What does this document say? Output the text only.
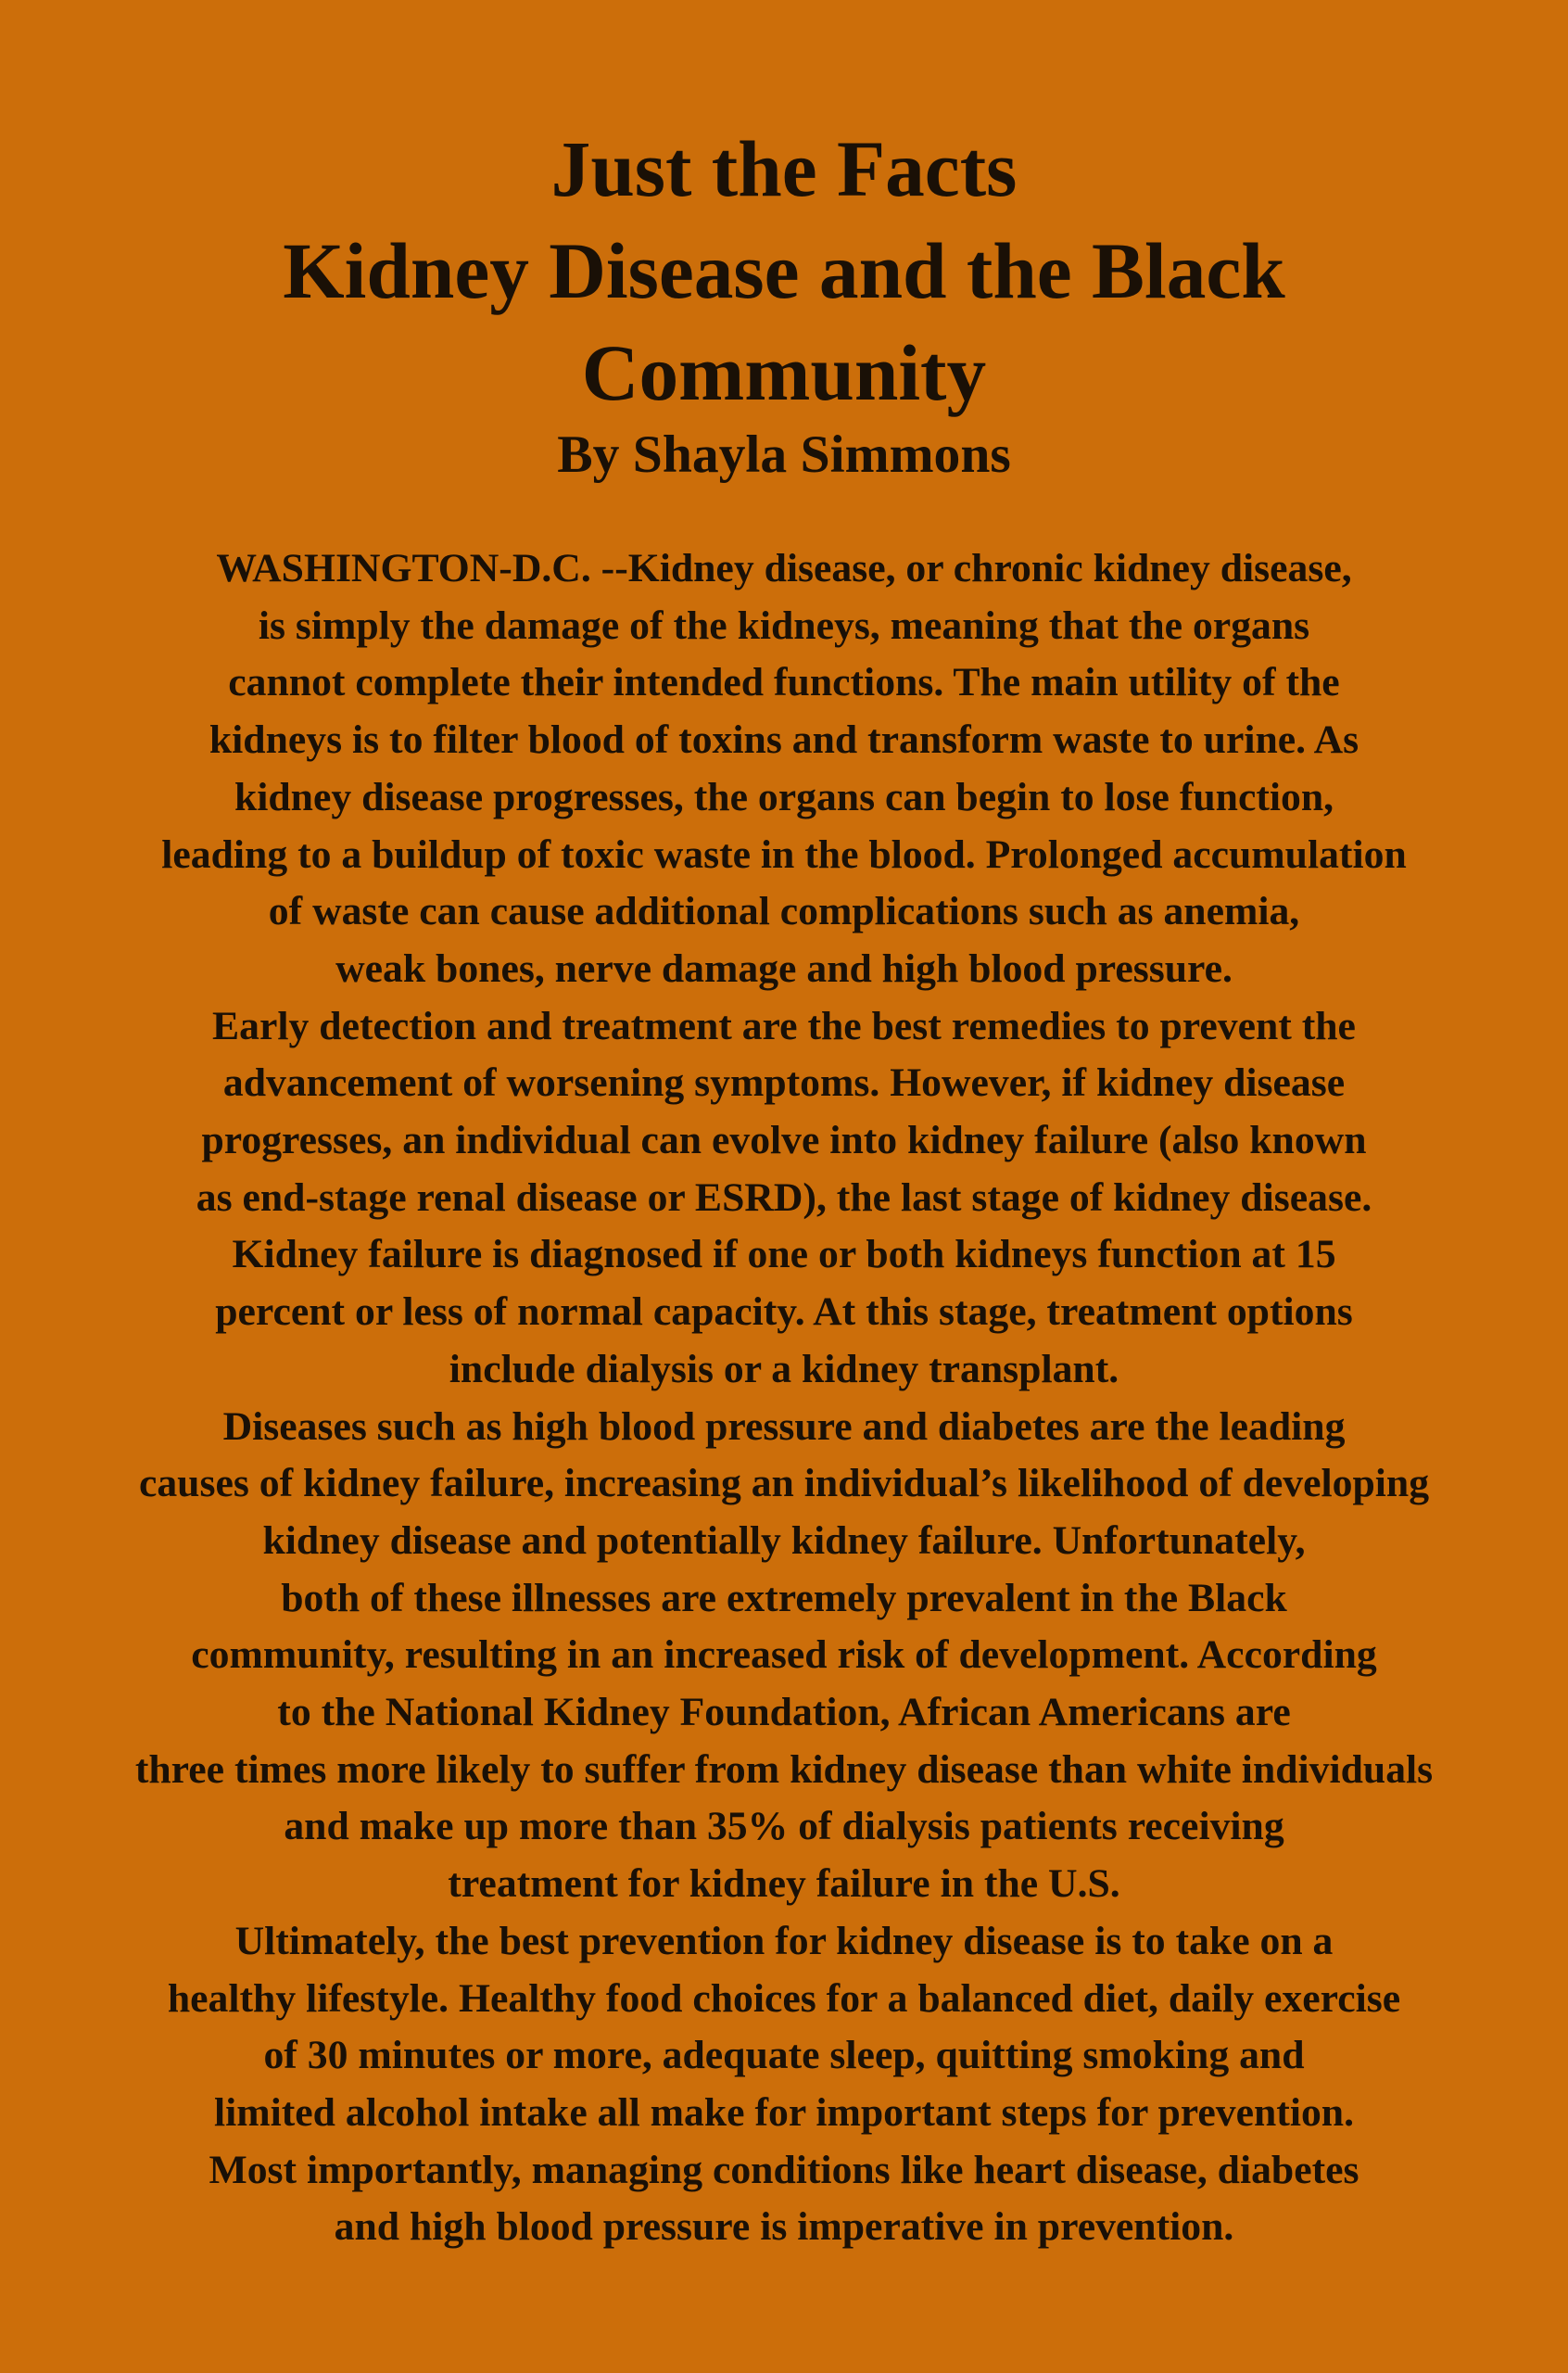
Just the Facts
Kidney Disease and the Black
Community
By Shayla Simmons
WASHINGTON-D.C. --Kidney disease, or chronic kidney disease,
is simply the damage of the kidneys, meaning that the organs
cannot complete their intended functions. The main utility of the
kidneys is to filter blood of toxins and transform waste to urine. As
kidney disease progresses, the organs can begin to lose function,
leading to a buildup of toxic waste in the blood. Prolonged accumulation
of waste can cause additional complications such as anemia,
weak bones, nerve damage and high blood pressure.
Early detection and treatment are the best remedies to prevent the
advancement of worsening symptoms. However, if kidney disease
progresses, an individual can evolve into kidney failure (also known
as end-stage renal disease or ESRD), the last stage of kidney disease.
Kidney failure is diagnosed if one or both kidneys function at 15
percent or less of normal capacity. At this stage, treatment options
include dialysis or a kidney transplant.
Diseases such as high blood pressure and diabetes are the leading
causes of kidney failure, increasing an individual’s likelihood of developing
kidney disease and potentially kidney failure. Unfortunately,
both of these illnesses are extremely prevalent in the Black
community, resulting in an increased risk of development. According
to the National Kidney Foundation, African Americans are
three times more likely to suffer from kidney disease than white individuals
and make up more than 35% of dialysis patients receiving
treatment for kidney failure in the U.S.
Ultimately, the best prevention for kidney disease is to take on a
healthy lifestyle. Healthy food choices for a balanced diet, daily exercise
of 30 minutes or more, adequate sleep, quitting smoking and
limited alcohol intake all make for important steps for prevention.
Most importantly, managing conditions like heart disease, diabetes
and high blood pressure is imperative in prevention.
